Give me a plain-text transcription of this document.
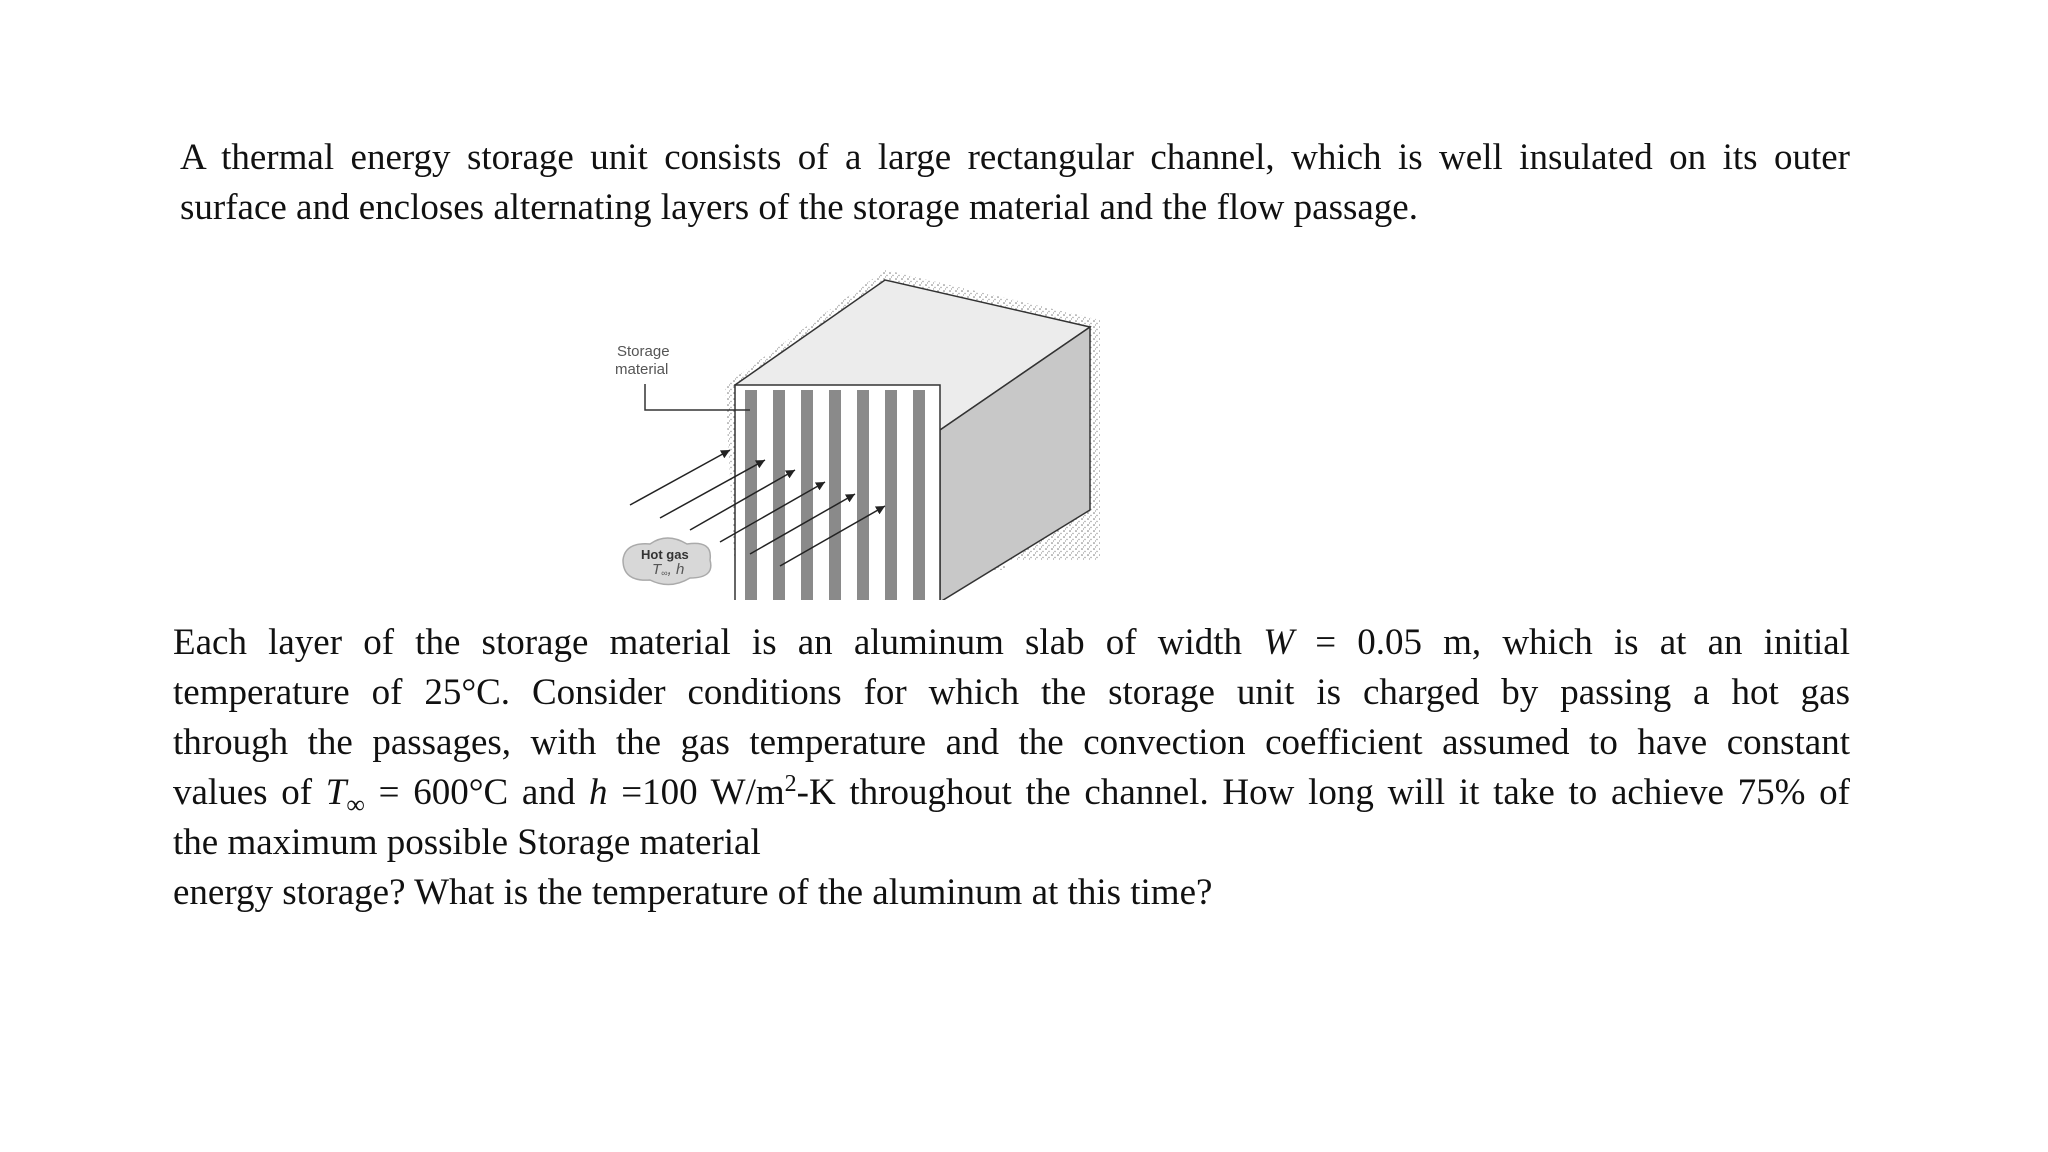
A thermal energy storage unit consists of a large rectangular channel, which is well insulated on its outer
surface and encloses alternating layers of the storage material and the flow passage.

Storage
material
Hot gas
T∞, h

Each layer of the storage material is an aluminum slab of width W = 0.05 m, which is at an initial
temperature of 25°C. Consider conditions for which the storage unit is charged by passing a hot gas
through the passages, with the gas temperature and the convection coefficient assumed to have constant
values of $T_\infty = 600^\circ C$ and h =100 $W/m^2-K$ throughout the channel. How long will it take to achieve 75% of
the maximum possible Storage material
energy storage? What is the temperature of the aluminum at this time?
